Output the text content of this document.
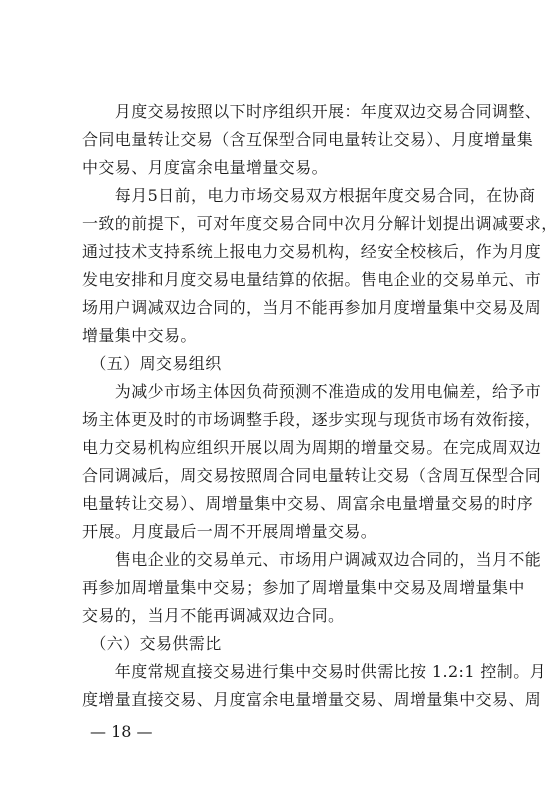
　　月度交易按照以下时序组织开展：年度双边交易合同调整、
合同电量转让交易（含互保型合同电量转让交易）、月度增量集
中交易、月度富余电量增量交易。
　　每月5日前，电力市场交易双方根据年度交易合同，在协商
一致的前提下，可对年度交易合同中次月分解计划提出调减要求，
通过技术支持系统上报电力交易机构，经安全校核后，作为月度
发电安排和月度交易电量结算的依据。售电企业的交易单元、市
场用户调减双边合同的，当月不能再参加月度增量集中交易及周
增量集中交易。
　（五）周交易组织
　　为减少市场主体因负荷预测不准造成的发用电偏差，给予市
场主体更及时的市场调整手段，逐步实现与现货市场有效衔接，
电力交易机构应组织开展以周为周期的增量交易。在完成周双边
合同调减后，周交易按照周合同电量转让交易（含周互保型合同
电量转让交易）、周增量集中交易、周富余电量增量交易的时序
开展。月度最后一周不开展周增量交易。
　　售电企业的交易单元、市场用户调减双边合同的，当月不能
再参加周增量集中交易；参加了周增量集中交易及周增量集中
交易的，当月不能再调减双边合同。
　（六）交易供需比
　　年度常规直接交易进行集中交易时供需比按 1.2:1 控制。月
度增量直接交易、月度富余电量增量交易、周增量集中交易、周
— 18 —
